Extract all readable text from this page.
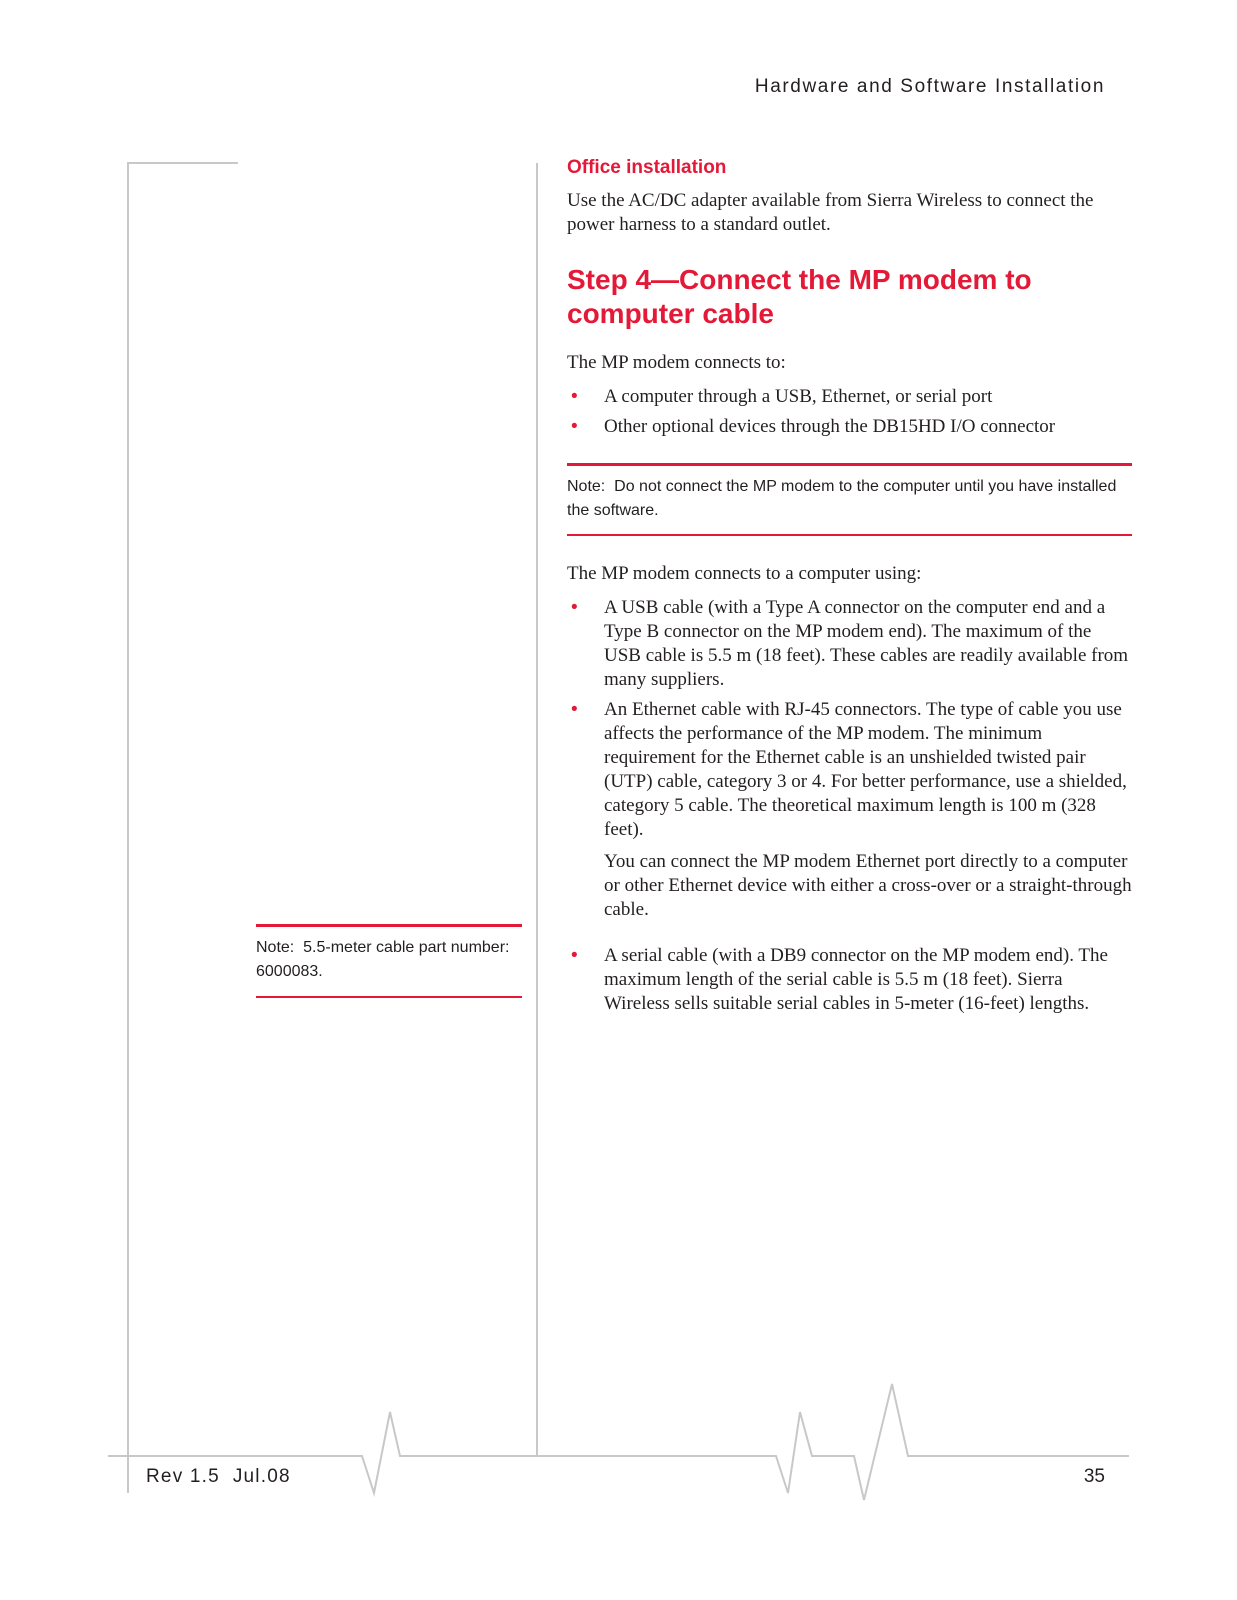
Hardware and Software Installation
Office installation

Use the AC/DC adapter available from Sierra Wireless to connect the power harness to a standard outlet.

Step 4—Connect the MP modem to computer cable

The MP modem connects to:

• A computer through a USB, Ethernet, or serial port
• Other optional devices through the DB15HD I/O connector
Note: Do not connect the MP modem to the computer until you have installed the software.

The MP modem connects to a computer using:

• A USB cable (with a Type A connector on the computer end and a Type B connector on the MP modem end). The maximum of the USB cable is 5.5 m (18 feet). These cables are readily available from many suppliers.
• An Ethernet cable with RJ-45 connectors. The type of cable you use affects the performance of the MP modem. The minimum requirement for the Ethernet cable is an unshielded twisted pair (UTP) cable, category 3 or 4. For better performance, use a shielded, category 5 cable. The theoretical maximum length is 100 m (328 feet).

You can connect the MP modem Ethernet port directly to a computer or other Ethernet device with either a cross-over or a straight-through cable.

• A serial cable (with a DB9 connector on the MP modem end). The maximum length of the serial cable is 5.5 m (18 feet). Sierra Wireless sells suitable serial cables in 5-meter (16-feet) lengths.
Note: 5.5-meter cable part number: 6000083.
Rev 1.5  Jul.08	35
